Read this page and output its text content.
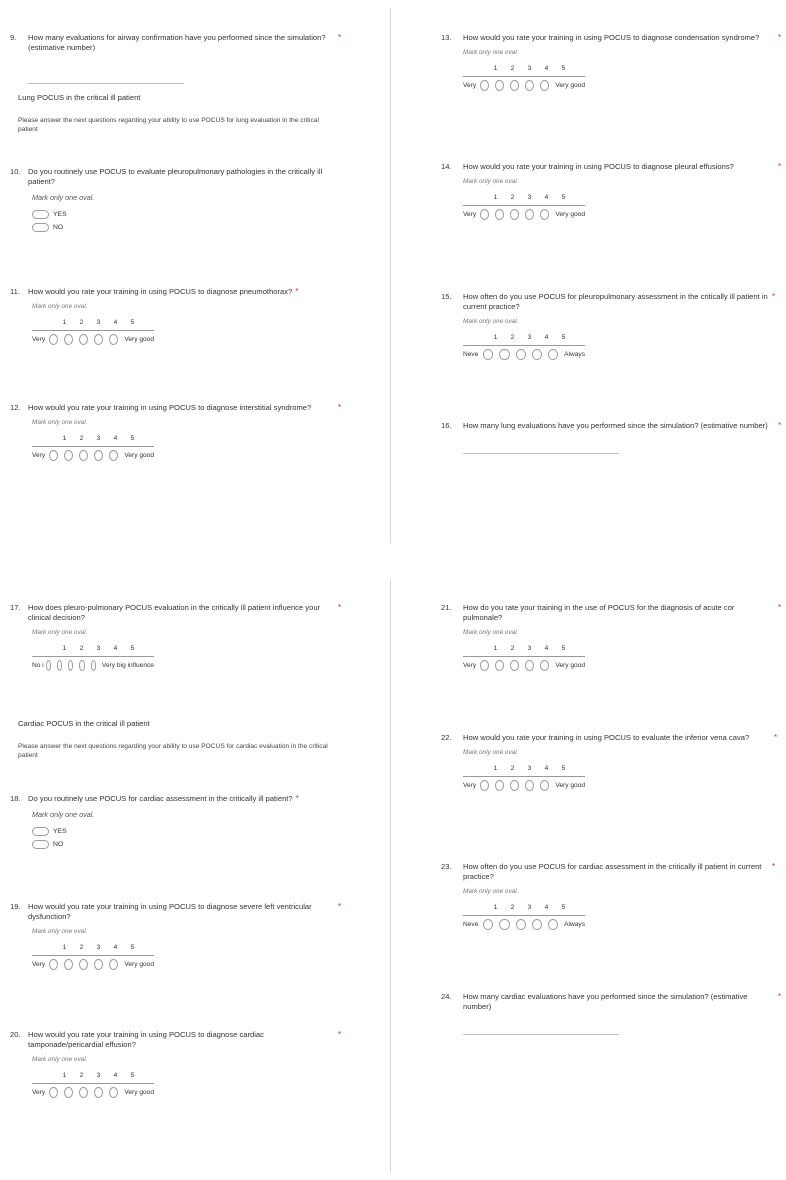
9.	How many evaluations for airway confirmation have you performed since the simulation? (estimative number)
*
Lung POCUS in the critical ill patient
Please answer the next questions regarding your ability to use POCUS for lung evaluation in the critical patient
10. Do you routinely use POCUS to evaluate pleuropulmonary pathologies in the critically ill patient?
Mark only one oval.
YES
NO
11.	How would you rate your training in using POCUS to diagnose pneumothorax? *
Mark only one oval.
1	2	3	4	5
Very	Very good
12. How would you rate your training in using POCUS to diagnose interstitial syndrome?	*
Mark only one oval.
1	2	3	4	5
Very	Very good
13.	How would you rate your training in using POCUS to diagnose condensation syndrome?	*
Mark only one oval.
1	2	3	4	5
Very	Very good
14.	How would you rate your training in using POCUS to diagnose pleural effusions?	*
Mark only one oval.
1	2	3	4	5
Very	Very good
15.	How often do you use POCUS for pleuropulmonary assessment in the critically ill patient in current practice?
*
Mark only one oval.
1	2	3	4	5
Neve	Always
16.	How many lung evaluations have you performed since the simulation? (estimative number) *
17. How does pleuro-pulmonary POCUS evaluation in the critically ill patient influence your clinical decision?
*
Mark only one oval.
1	2	3	4	5
No i	Very big influence
Cardiac POCUS in the critical ill patient
Please answer the next questions regarding your ability to use POCUS for cardiac evaluation in the critical patient
18. Do you routinely use POCUS for cardiac assessment in the critically ill patient? *
Mark only one oval.
YES
NO
19. How would you rate your training in using POCUS to diagnose severe left ventricular dysfunction?
*
Mark only one oval.
1	2	3	4	5
Very	Very good
20. How would you rate your training in using POCUS to diagnose cardiac tamponade/pericardial effusion?
*
Mark only one oval.
1	2	3	4	5
Very	Very good
21.	How do you rate your training in the use of POCUS for the diagnosis of acute cor pulmonale?
*
Mark only one oval.
1	2	3	4	5
Very	Very good
22.	How would you rate your training in using POCUS to evaluate the inferior vena cava?	*
Mark only one oval.
1	2	3	4	5
Very	Very good
23.	How often do you use POCUS for cardiac assessment in the critically ill patient in current practice?
*
Mark only one oval.
1	2	3	4	5
Neve	Always
24.	How many cardiac evaluations have you performed since the simulation? (estimative number)
*
